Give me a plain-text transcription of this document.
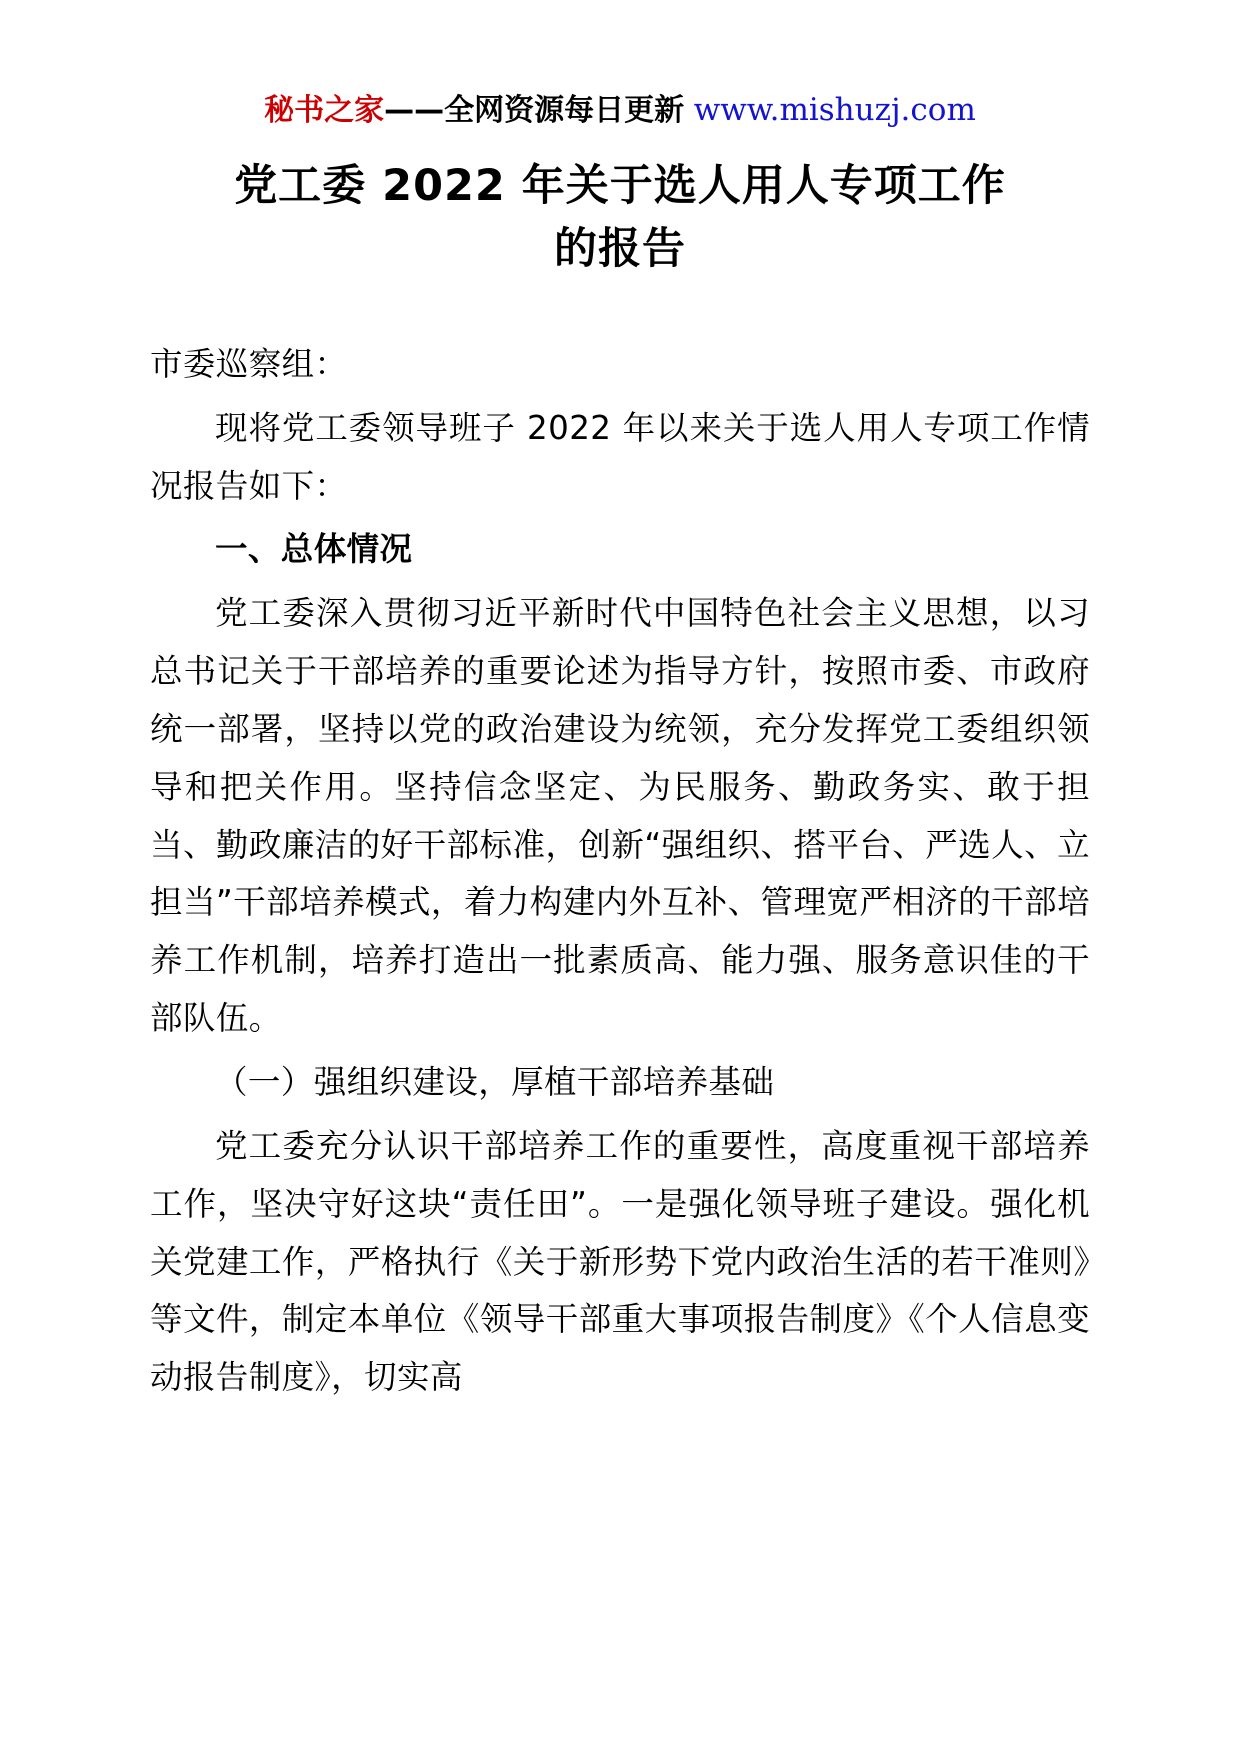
秘书之家——全网资源每日更新 www.mishuzj.com
党工委 2022 年关于选人用人专项工作
的报告

市委巡察组：

现将党工委领导班子 2022 年以来关于选人用人专项工作情况报告如下：

一、总体情况

党工委深入贯彻习近平新时代中国特色社会主义思想，以习总书记关于干部培养的重要论述为指导方针，按照市委、市政府统一部署，坚持以党的政治建设为统领，充分发挥党工委组织领导和把关作用。坚持信念坚定、为民服务、勤政务实、敢于担当、勤政廉洁的好干部标准，创新“强组织、搭平台、严选人、立担当”干部培养模式，着力构建内外互补、管理宽严相济的干部培养工作机制，培养打造出一批素质高、能力强、服务意识佳的干部队伍。

（一）强组织建设，厚植干部培养基础

党工委充分认识干部培养工作的重要性，高度重视干部培养工作，坚决守好这块“责任田”。一是强化领导班子建设。强化机关党建工作，严格执行《关于新形势下党内政治生活的若干准则》等文件，制定本单位《领导干部重大事项报告制度》《个人信息变动报告制度》，切实高
